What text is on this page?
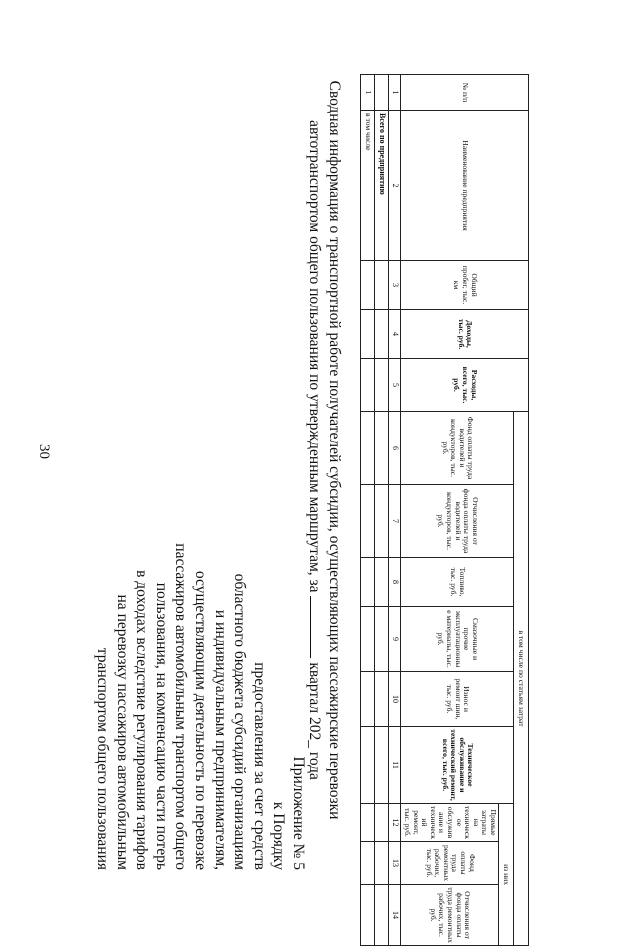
30
Приложение № 5
к Порядку
предоставления за счет средств
областного бюджета субсидий организациям
и индивидуальным предпринимателям,
осуществляющим деятельность по перевозке
пассажиров автомобильным транспортом общего
пользования, на компенсацию части потерь
в доходах вследствие регулирования тарифов
на перевозку пассажиров автомобильным
транспортом общего пользования
№ п/п	Наименование предприятия	Общий пробег, тыс. км	Доходы, тыс. руб.	Расходы, всего, тыс. руб.	в том числе по статьям затрат								
					Фонд оплаты труда водителей и кондукторов, тыс. руб.	Отчисления от фонда оплаты труда водителей и кондукторов, тыс. руб.	Топливо, тыс. руб.	Смазочные и прочие эксплуатационные материалы, тыс. руб.	Износ и ремонт шин, тыс. руб.	Техническое обслуживание и технический ремонт, всего, тыс. руб.	из них		
											Прямые затраты на техническое обслуживание и технический ремонт, тыс. руб.	Фонд оплаты труда ремонтных рабочих, тыс. руб.	Отчисления от фонда оплаты труда ремонтных рабочих, тыс. руб.
1	2	3	4	5	6	7	8	9	10	11	12	13	14
	Всего по предприятию												
1	в том числе												
Сводная информация о транспортной работе получателей субсидии, осуществляющих пассажирские перевозки
автотранспортом общего пользования по утвержденным маршрутам, за  квартал 202_ года
